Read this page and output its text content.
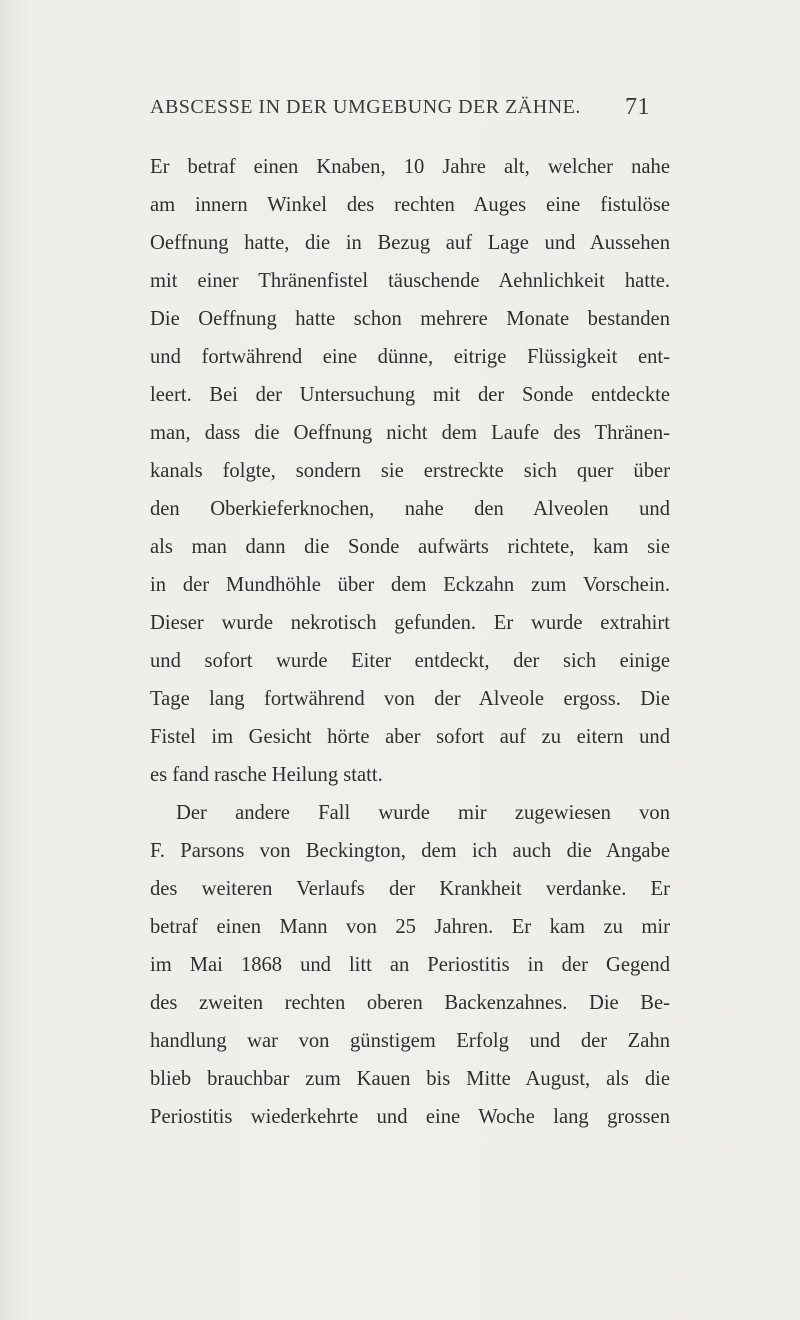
ABSCESSE IN DER UMGEBUNG DER ZÄHNE. 71
Er betraf einen Knaben, 10 Jahre alt, welcher nahe
am innern Winkel des rechten Auges eine fistulöse
Oeffnung hatte, die in Bezug auf Lage und Aussehen
mit einer Thränenfistel täuschende Aehnlichkeit hatte.
Die Oeffnung hatte schon mehrere Monate bestanden
und fortwährend eine dünne, eitrige Flüssigkeit ent-
leert. Bei der Untersuchung mit der Sonde entdeckte
man, dass die Oeffnung nicht dem Laufe des Thränen-
kanals folgte, sondern sie erstreckte sich quer über
den Oberkieferknochen, nahe den Alveolen und
als man dann die Sonde aufwärts richtete, kam sie
in der Mundhöhle über dem Eckzahn zum Vorschein.
Dieser wurde nekrotisch gefunden. Er wurde extrahirt
und sofort wurde Eiter entdeckt, der sich einige
Tage lang fortwährend von der Alveole ergoss. Die
Fistel im Gesicht hörte aber sofort auf zu eitern und
es fand rasche Heilung statt.
Der andere Fall wurde mir zugewiesen von
F. Parsons von Beckington, dem ich auch die Angabe
des weiteren Verlaufs der Krankheit verdanke. Er
betraf einen Mann von 25 Jahren. Er kam zu mir
im Mai 1868 und litt an Periostitis in der Gegend
des zweiten rechten oberen Backenzahnes. Die Be-
handlung war von günstigem Erfolg und der Zahn
blieb brauchbar zum Kauen bis Mitte August, als die
Periostitis wiederkehrte und eine Woche lang grossen
